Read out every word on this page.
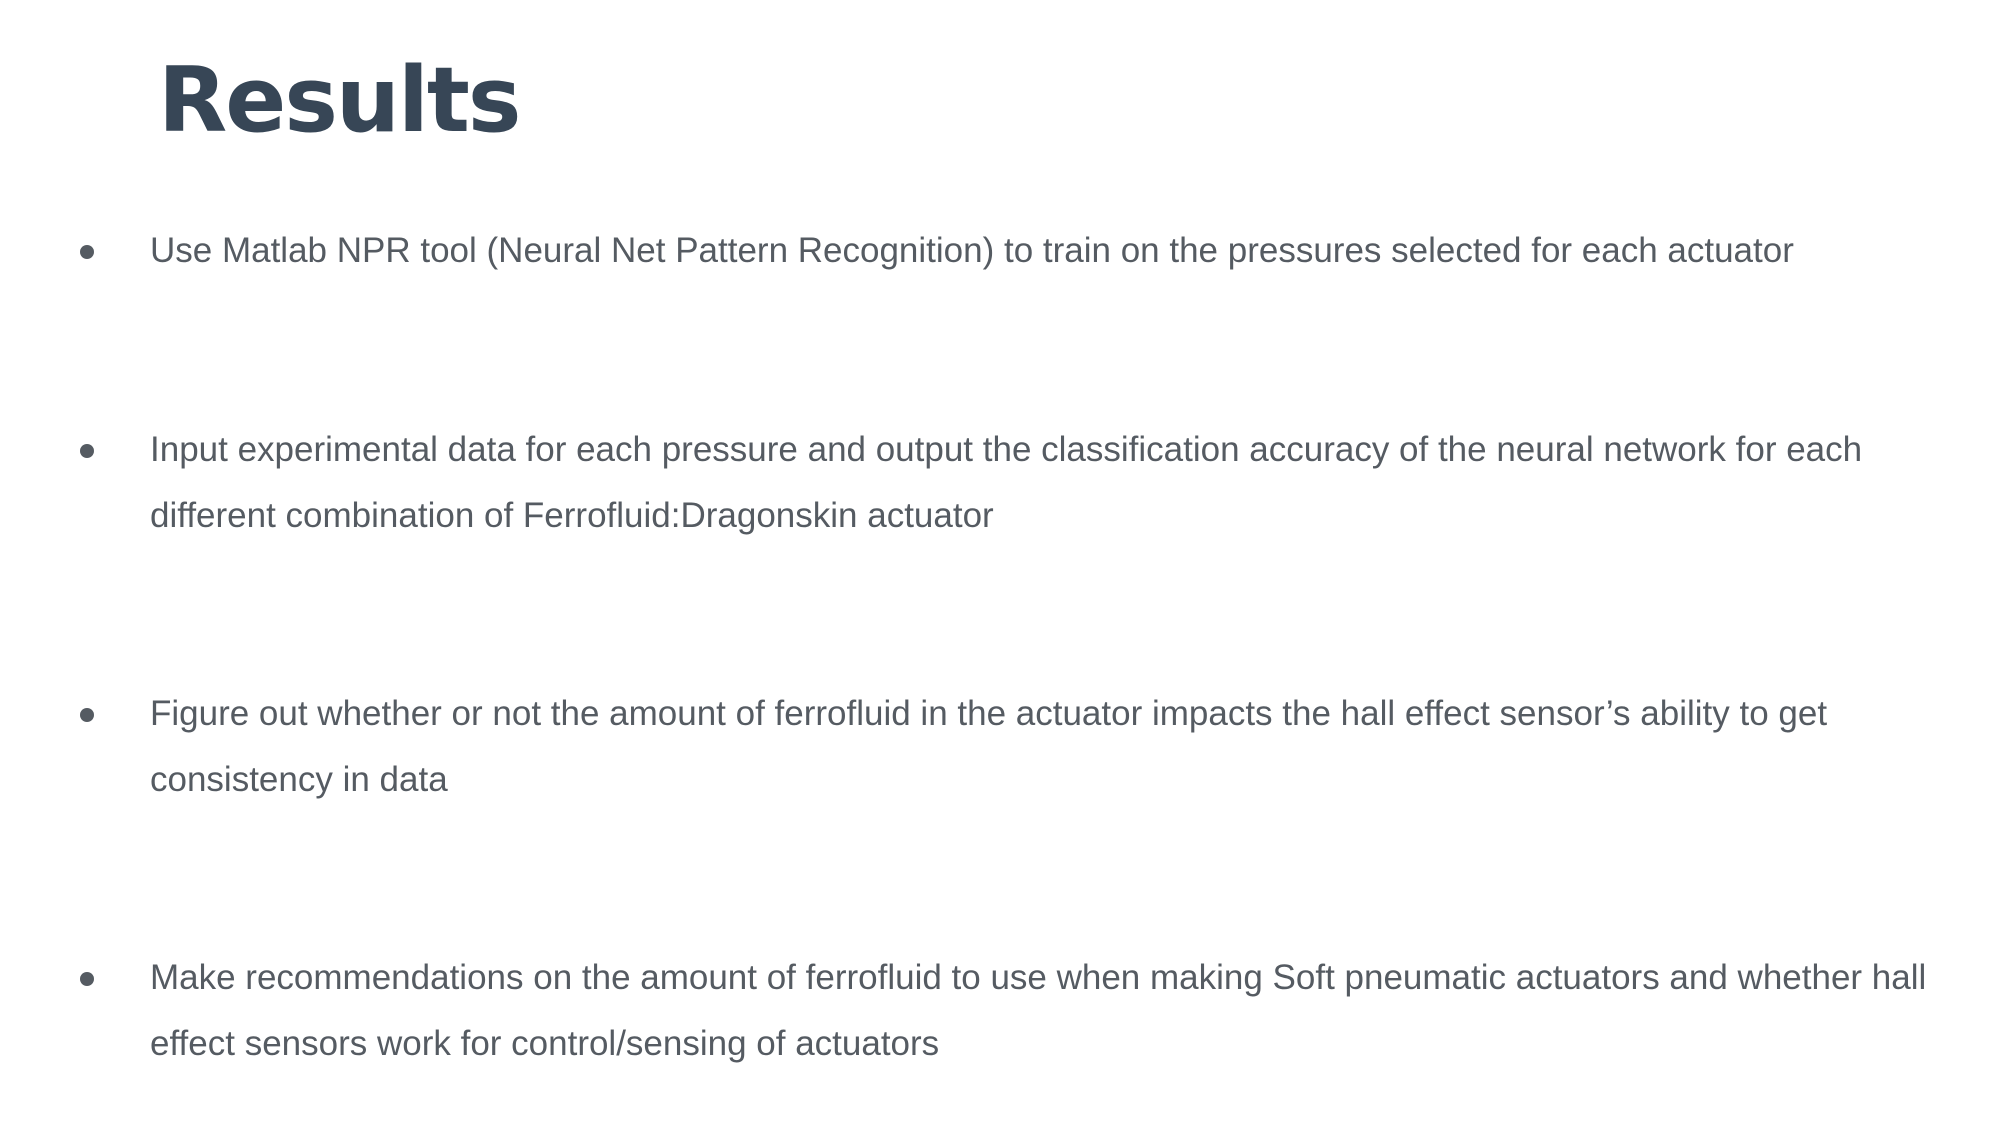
Results
Use Matlab NPR tool (Neural Net Pattern Recognition) to train on the pressures selected for each actuator
Input experimental data for each pressure and output the classification accuracy of the neural network for each different combination of Ferrofluid:Dragonskin actuator
Figure out whether or not the amount of ferrofluid in the actuator impacts the hall effect sensor’s ability to get consistency in data
Make recommendations on the amount of ferrofluid to use when making Soft pneumatic actuators and whether hall effect sensors work for control/sensing of actuators
